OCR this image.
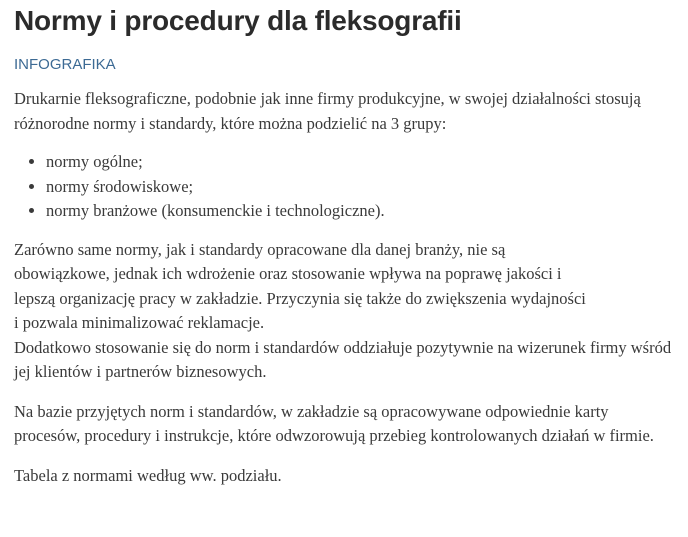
Normy i procedury dla fleksografii
INFOGRAFIKA

Drukarnie fleksograficzne, podobnie jak inne firmy produkcyjne, w swojej działalności stosują różnorodne normy i standardy, które można podzielić na 3 grupy:

• normy ogólne;
• normy środowiskowe;
• normy branżowe (konsumenckie i technologiczne).

Zarówno same normy, jak i standardy opracowane dla danej branży, nie są obowiązkowe, jednak ich wdrożenie oraz stosowanie wpływa na poprawę jakości i lepszą organizację pracy w zakładzie. Przyczynia się także do zwiększenia wydajności i pozwala minimalizować reklamacje.

Dodatkowo stosowanie się do norm i standardów oddziałuje pozytywnie na wizerunek firmy wśród jej klientów i partnerów biznesowych.

Na bazie przyjętych norm i standardów, w zakładzie są opracowywane odpowiednie karty procesów, procedury i instrukcje, które odwzorowują przebieg kontrolowanych działań w firmie.

Tabela z normami według ww. podziału.
